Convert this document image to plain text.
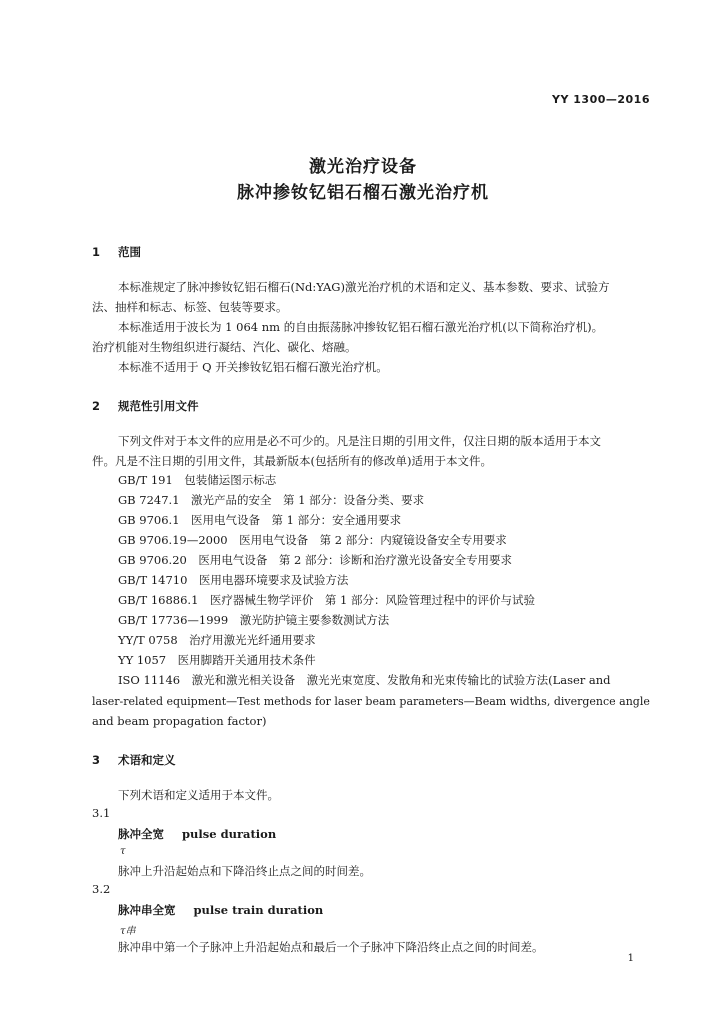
YY 1300—2016
激光治疗设备
脉冲掺钕钇铝石榴石激光治疗机
1 范围
本标准规定了脉冲掺钕钇铝石榴石(Nd:YAG)激光治疗机的术语和定义、基本参数、要求、试验方
法、抽样和标志、标签、包装等要求。
本标准适用于波长为 1 064 nm 的自由振荡脉冲掺钕钇铝石榴石激光治疗机(以下简称治疗机)。
治疗机能对生物组织进行凝结、汽化、碳化、熔融。
本标准不适用于 Q 开关掺钕钇铝石榴石激光治疗机。
2 规范性引用文件
下列文件对于本文件的应用是必不可少的。凡是注日期的引用文件，仅注日期的版本适用于本文
件。凡是不注日期的引用文件，其最新版本(包括所有的修改单)适用于本文件。
GB/T 191　包装储运图示标志
GB 7247.1　激光产品的安全　第 1 部分：设备分类、要求
GB 9706.1　医用电气设备　第 1 部分：安全通用要求
GB 9706.19—2000　医用电气设备　第 2 部分：内窥镜设备安全专用要求
GB 9706.20　医用电气设备　第 2 部分：诊断和治疗激光设备安全专用要求
GB/T 14710　医用电器环境要求及试验方法
GB/T 16886.1　医疗器械生物学评价　第 1 部分：风险管理过程中的评价与试验
GB/T 17736—1999　激光防护镜主要参数测试方法
YY/T 0758　治疗用激光光纤通用要求
YY 1057　医用脚踏开关通用技术条件
ISO 11146　激光和激光相关设备　激光光束宽度、发散角和光束传输比的试验方法(Laser and
laser-related equipment—Test methods for laser beam parameters—Beam widths, divergence angle
and beam propagation factor)
3 术语和定义
下列术语和定义适用于本文件。
3.1
脉冲全宽 pulse duration
τ
脉冲上升沿起始点和下降沿终止点之间的时间差。
3.2
脉冲串全宽 pulse train duration
τ串
脉冲串中第一个子脉冲上升沿起始点和最后一个子脉冲下降沿终止点之间的时间差。
1
